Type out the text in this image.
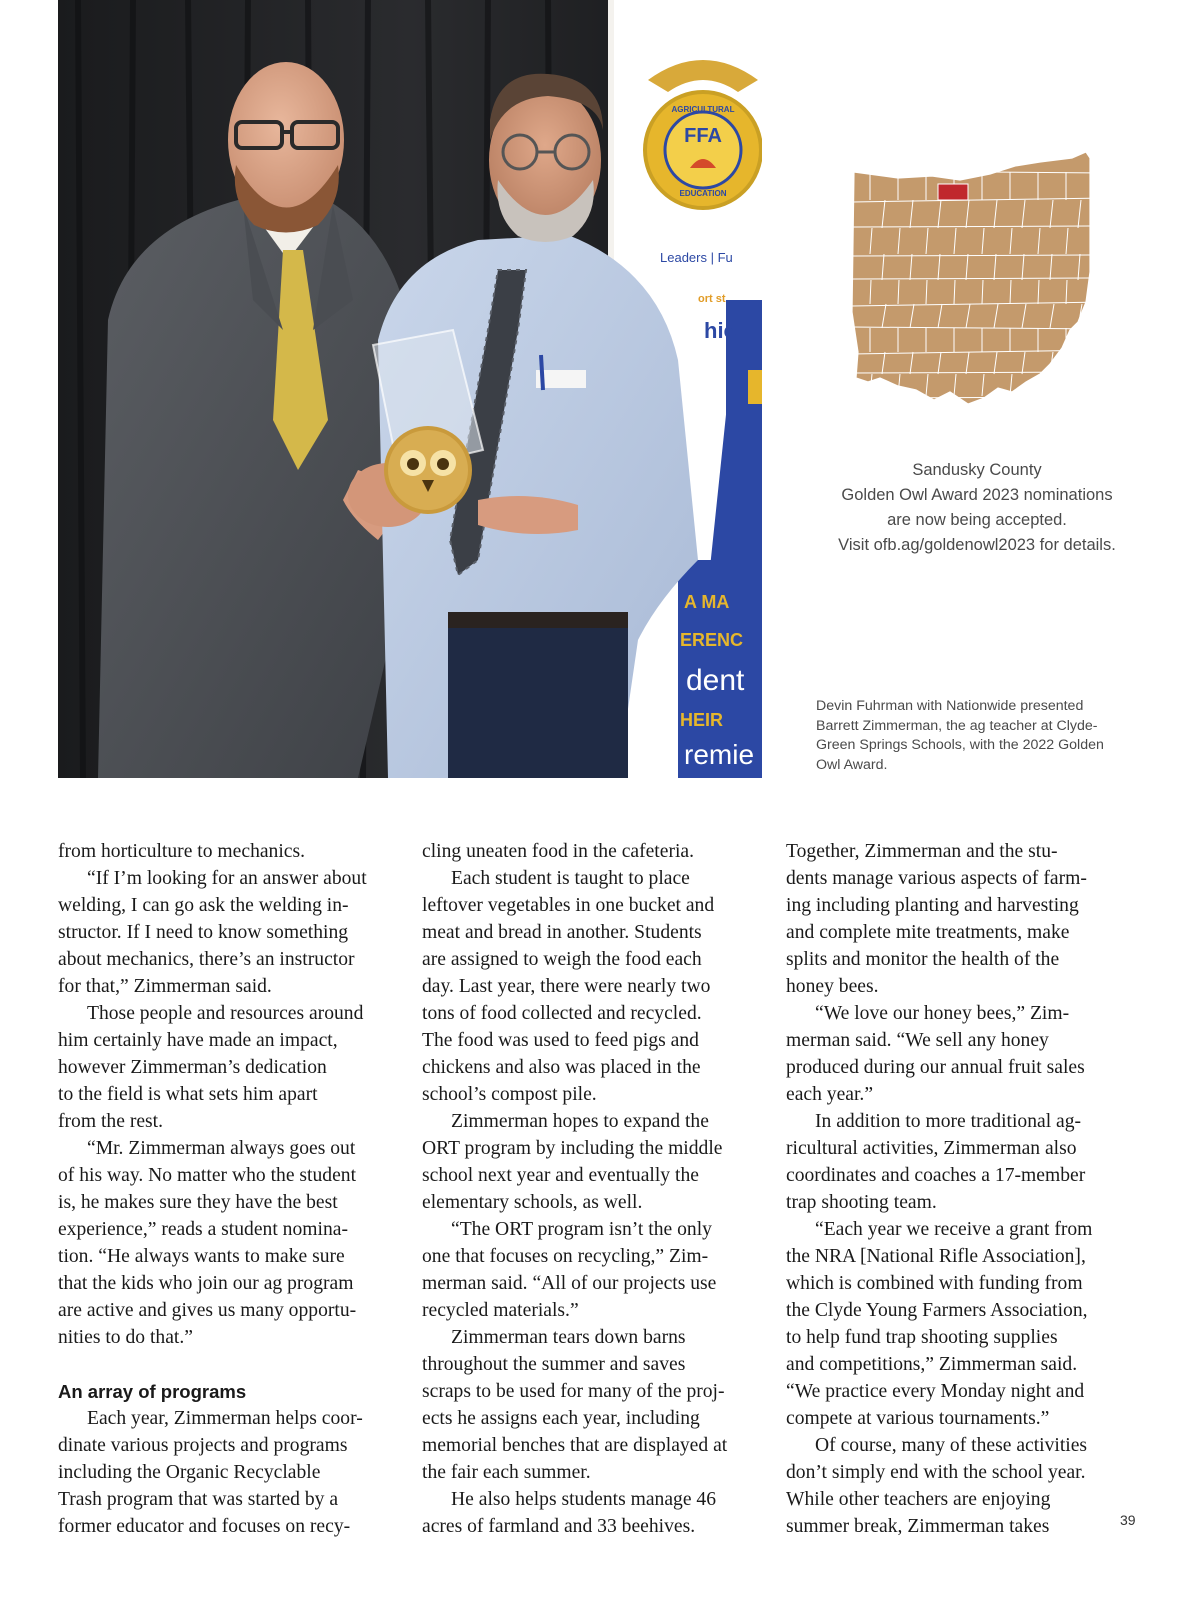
FFA
AGRICULTURAL
EDUCATION
Leaders | Fu
ort st
hio
A MA
ERENC
dent
HEIR
remie
Sandusky County
Golden Owl Award 2023 nominations
are now being accepted.
Visit ofb.ag/goldenowl2023 for details.
Devin Fuhrman with Nationwide presented
Barrett Zimmerman, the ag teacher at Clyde-
Green Springs Schools, with the 2022 Golden
Owl Award.
from horticulture to mechanics.
“If I’m looking for an answer about
welding, I can go ask the welding in-
structor. If I need to know something
about mechanics, there’s an instructor
for that,” Zimmerman said.
Those people and resources around
him certainly have made an impact,
however Zimmerman’s dedication
to the field is what sets him apart
from the rest.
“Mr. Zimmerman always goes out
of his way. No matter who the student
is, he makes sure they have the best
experience,” reads a student nomina-
tion. “He always wants to make sure
that the kids who join our ag program
are active and gives us many opportu-
nities to do that.”
An array of programs
Each year, Zimmerman helps coor-
dinate various projects and programs
including the Organic Recyclable
Trash program that was started by a
former educator and focuses on recy-
cling uneaten food in the cafeteria.
Each student is taught to place
leftover vegetables in one bucket and
meat and bread in another. Students
are assigned to weigh the food each
day. Last year, there were nearly two
tons of food collected and recycled.
The food was used to feed pigs and
chickens and also was placed in the
school’s compost pile.
Zimmerman hopes to expand the
ORT program by including the middle
school next year and eventually the
elementary schools, as well.
“The ORT program isn’t the only
one that focuses on recycling,” Zim-
merman said. “All of our projects use
recycled materials.”
Zimmerman tears down barns
throughout the summer and saves
scraps to be used for many of the proj-
ects he assigns each year, including
memorial benches that are displayed at
the fair each summer.
He also helps students manage 46
acres of farmland and 33 beehives.
Together, Zimmerman and the stu-
dents manage various aspects of farm-
ing including planting and harvesting
and complete mite treatments, make
splits and monitor the health of the
honey bees.
“We love our honey bees,” Zim-
merman said. “We sell any honey
produced during our annual fruit sales
each year.”
In addition to more traditional ag-
ricultural activities, Zimmerman also
coordinates and coaches a 17-member
trap shooting team.
“Each year we receive a grant from
the NRA [National Rifle Association],
which is combined with funding from
the Clyde Young Farmers Association,
to help fund trap shooting supplies
and competitions,” Zimmerman said.
“We practice every Monday night and
compete at various tournaments.”
Of course, many of these activities
don’t simply end with the school year.
While other teachers are enjoying
summer break, Zimmerman takes	39
